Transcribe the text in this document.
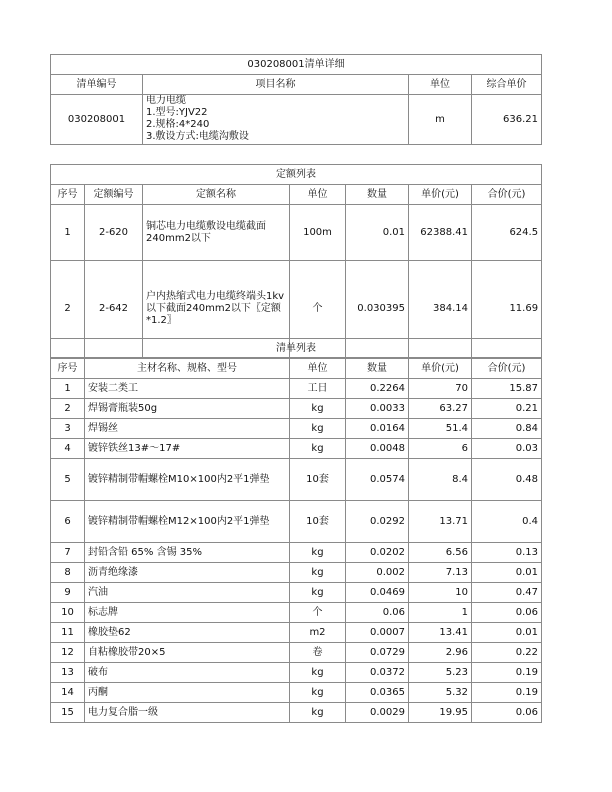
030208001清单详细			
清单编号	项目名称	单位	综合单价
030208001	电力电缆
1.型号:YJV22
2.规格:4*240
3.敷设方式:电缆沟敷设	m	636.21
定额列表						
序号	定额编号	定额名称	单位	数量	单价(元)	合价(元)
1	2-620	铜芯电力电缆敷设电缆截面240mm2以下	100m	0.01	62388.41	624.5
2	2-642	户内热缩式电力电缆终端头1kv以下截面240mm2以下〖定额*1.2〗	个	0.030395	384.14	11.69
清单列表					
序号	主材名称、规格、型号	单位	数量	单价(元)	合价(元)
1	安装二类工	工日	0.2264	70	15.87
2	焊锡膏瓶装50g	kg	0.0033	63.27	0.21
3	焊锡丝	kg	0.0164	51.4	0.84
4	镀锌铁丝13#～17#	kg	0.0048	6	0.03
5	镀锌精制带帽螺栓M10×100内2平1弹垫	10套	0.0574	8.4	0.48
6	镀锌精制带帽螺栓M12×100内2平1弹垫	10套	0.0292	13.71	0.4
7	封铅含铅 65% 含锡 35%	kg	0.0202	6.56	0.13
8	沥青绝缘漆	kg	0.002	7.13	0.01
9	汽油	kg	0.0469	10	0.47
10	标志牌	个	0.06	1	0.06
11	橡胶垫62	m2	0.0007	13.41	0.01
12	自粘橡胶带20×5	卷	0.0729	2.96	0.22
13	破布	kg	0.0372	5.23	0.19
14	丙酮	kg	0.0365	5.32	0.19
15	电力复合脂一级	kg	0.0029	19.95	0.06
